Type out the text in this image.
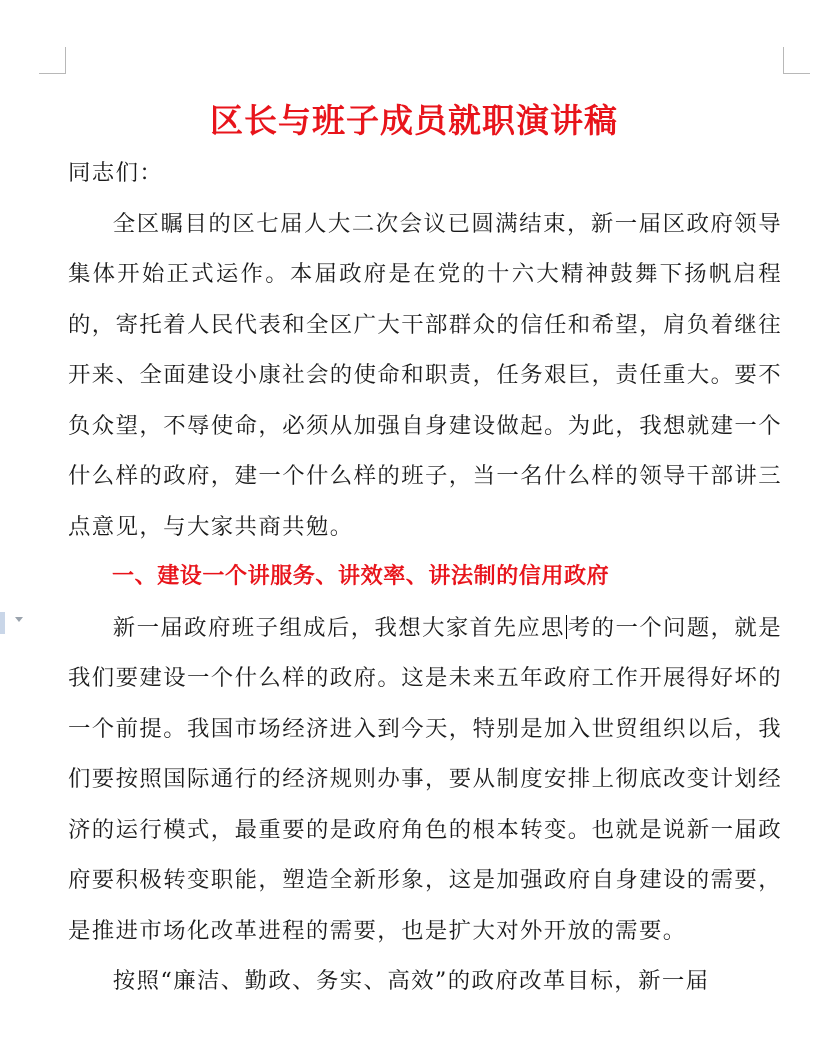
区长与班子成员就职演讲稿

同志们：

全区瞩目的区七届人大二次会议已圆满结束，新一届区政府领导集体开始正式运作。本届政府是在党的十六大精神鼓舞下扬帆启程的，寄托着人民代表和全区广大干部群众的信任和希望，肩负着继往开来、全面建设小康社会的使命和职责，任务艰巨，责任重大。要不负众望，不辱使命，必须从加强自身建设做起。为此，我想就建一个什么样的政府，建一个什么样的班子，当一名什么样的领导干部讲三点意见，与大家共商共勉。

一、建设一个讲服务、讲效率、讲法制的信用政府

新一届政府班子组成后，我想大家首先应思 考的一个问题，就是我们要建设一个什么样的政府。这是未来五年政府工作开展得好坏的一个前提。我国市场经济进入到今天，特别是加入世贸组织以后，我们要按照国际通行的经济规则办事，要从制度安排上彻底改变计划经济的运行模式，最重要的是政府角色的根本转变。也就是说新一届政府要积极转变职能，塑造全新形象，这是加强政府自身建设的需要，是推进市场化改革进程的需要，也是扩大对外开放的需要。

按照“廉洁、勤政、务实、高效”的政府改革目标，新一届
